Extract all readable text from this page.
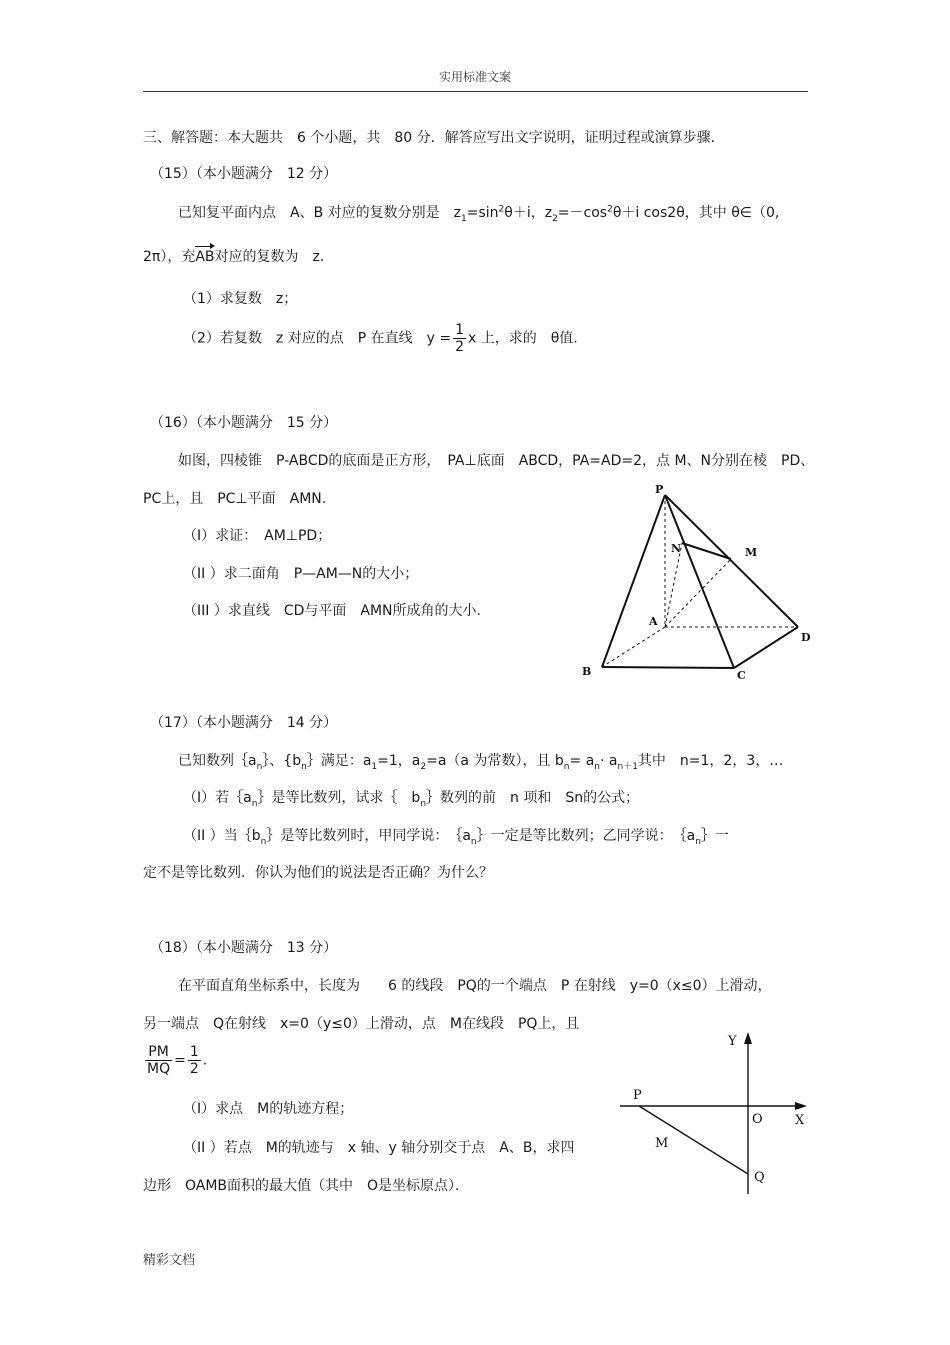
实用标准文案
三、解答题：本大题共　6 个小题，共　80 分．解答应写出文字说明，证明过程或演算步骤．
（15）（本小题满分　12 分）
已知复平面内点　A、B 对应的复数分别是　$z_1=\sin^2\theta+i$，$z_2=-\cos^2\theta+i$ cos2θ，其中 θ∈（0,
2π），充AB对应的复数为　z.
（1）求复数　z；
（2）若复数　z 对应的点　P 在直线　$y = \frac{1}{2}$ x 上，求的　θ值.
（16）（本小题满分　15 分）
如图，四棱锥　P-ABCD的底面是正方形，　PA⊥底面　ABCD，PA=AD=2，点 M、N分别在棱　PD、
PC上，且　PC⊥平面　AMN.
（I）求证：　AM⊥PD；
（II ）求二面角　P—AM—N的大小；
（III ）求直线　CD与平面　AMN所成角的大小.
P
N	M
A
B	C
D
（17）（本小题满分　14 分）
已知数列$\{a_n\}$、{$b_n\}$满足：$a_1=1$，$a_2=a(a$ 为常数），且 $b_n= a_n\cdot a_{n+1}$其中　n=1，2，3，…
（I）若$\{a_n\}$是等比数列，试求｛　$b_n\}$数列的前　n 项和　Sn的公式；
（II ）当$\{b_n\}$是等比数列时，甲同学说：　$\{a_n\}$一定是等比数列；乙同学说：　$\{a_n\}$一
定不是等比数列．你认为他们的说法是否正确？为什么？
（18）（本小题满分　13 分）
在平面直角坐标系中，长度为　　6 的线段　PQ的一个端点　P 在射线　y=0（x≤0）上滑动，
另一端点　Q在射线　x=0（y≤0）上滑动，点　M在线段　PQ上，且
$\frac{PM}{MQ} = \frac{1}{2}$ .
（I）求点　M的轨迹方程；
（II ）若点　M的轨迹与　x 轴、y 轴分别交于点　A、B，求四
边形　OAMB面积的最大值（其中　O是坐标原点）．
Y
X
O
P
M
Q
精彩文档
